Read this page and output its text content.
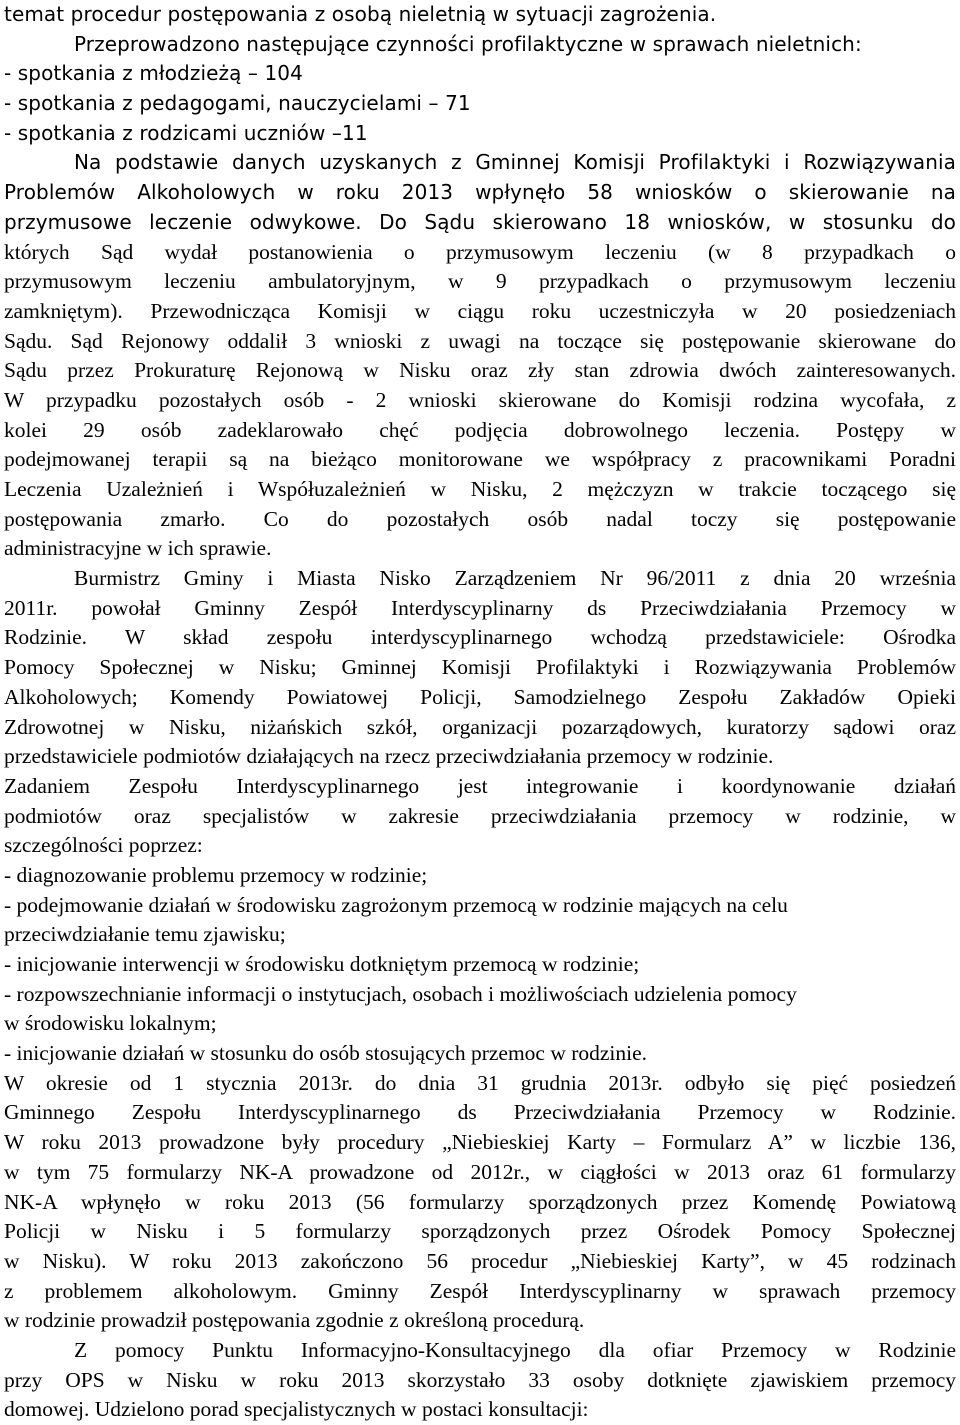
temat procedur postępowania z osobą nieletnią w sytuacji zagrożenia.
Przeprowadzono następujące czynności profilaktyczne w sprawach nieletnich:
- spotkania z młodzieżą – 104
- spotkania z pedagogami, nauczycielami – 71
- spotkania z rodzicami uczniów –11
Na podstawie danych uzyskanych z Gminnej Komisji Profilaktyki i Rozwiązywania
Problemów Alkoholowych w roku 2013 wpłynęło 58 wniosków o skierowanie na
przymusowe leczenie odwykowe. Do Sądu skierowano 18 wniosków, w stosunku do
których Sąd wydał postanowienia o przymusowym leczeniu (w 8 przypadkach o
przymusowym leczeniu ambulatoryjnym, w 9 przypadkach o przymusowym leczeniu
zamkniętym). Przewodnicząca Komisji w ciągu roku uczestniczyła w 20 posiedzeniach
Sądu. Sąd Rejonowy oddalił 3 wnioski z uwagi na toczące się postępowanie skierowane do
Sądu przez Prokuraturę Rejonową w Nisku oraz zły stan zdrowia dwóch zainteresowanych.
W przypadku pozostałych osób - 2 wnioski skierowane do Komisji rodzina wycofała, z
kolei 29 osób zadeklarowało chęć podjęcia dobrowolnego leczenia. Postępy w
podejmowanej terapii są na bieżąco monitorowane we współpracy z pracownikami Poradni
Leczenia Uzależnień i Współuzależnień w Nisku, 2 mężczyzn w trakcie toczącego się
postępowania zmarło. Co do pozostałych osób nadal toczy się postępowanie
administracyjne w ich sprawie.
Burmistrz Gminy i Miasta Nisko Zarządzeniem Nr 96/2011 z dnia 20 września
2011r. powołał Gminny Zespół Interdyscyplinarny ds Przeciwdziałania Przemocy w
Rodzinie. W skład zespołu interdyscyplinarnego wchodzą przedstawiciele: Ośrodka
Pomocy Społecznej w Nisku; Gminnej Komisji Profilaktyki i Rozwiązywania Problemów
Alkoholowych; Komendy Powiatowej Policji, Samodzielnego Zespołu Zakładów Opieki
Zdrowotnej w Nisku, niżańskich szkół, organizacji pozarządowych, kuratorzy sądowi oraz
przedstawiciele podmiotów działających na rzecz przeciwdziałania przemocy w rodzinie.
Zadaniem Zespołu Interdyscyplinarnego jest integrowanie i koordynowanie działań
podmiotów oraz specjalistów w zakresie przeciwdziałania przemocy w rodzinie, w
szczególności poprzez:
- diagnozowanie problemu przemocy w rodzinie;
- podejmowanie działań w środowisku zagrożonym przemocą w rodzinie mających na celu
przeciwdziałanie temu zjawisku;
- inicjowanie interwencji w środowisku dotkniętym przemocą w rodzinie;
- rozpowszechnianie informacji o instytucjach, osobach i możliwościach udzielenia pomocy
w środowisku lokalnym;
- inicjowanie działań w stosunku do osób stosujących przemoc w rodzinie.
W okresie od 1 stycznia 2013r. do dnia 31 grudnia 2013r. odbyło się pięć posiedzeń
Gminnego Zespołu Interdyscyplinarnego ds Przeciwdziałania Przemocy w Rodzinie.
W roku 2013 prowadzone były procedury „Niebieskiej Karty – Formularz A” w liczbie 136,
w tym 75 formularzy NK-A prowadzone od 2012r., w ciągłości w 2013 oraz 61 formularzy
NK-A wpłynęło w roku 2013 (56 formularzy sporządzonych przez Komendę Powiatową
Policji w Nisku i 5 formularzy sporządzonych przez Ośrodek Pomocy Społecznej
w Nisku). W roku 2013 zakończono 56 procedur „Niebieskiej Karty”, w 45 rodzinach
z problemem alkoholowym. Gminny Zespół Interdyscyplinarny w sprawach przemocy
w rodzinie prowadził postępowania zgodnie z określoną procedurą.
Z pomocy Punktu Informacyjno-Konsultacyjnego dla ofiar Przemocy w Rodzinie
przy OPS w Nisku w roku 2013 skorzystało 33 osoby dotknięte zjawiskiem przemocy
domowej. Udzielono porad specjalistycznych w postaci konsultacji:
